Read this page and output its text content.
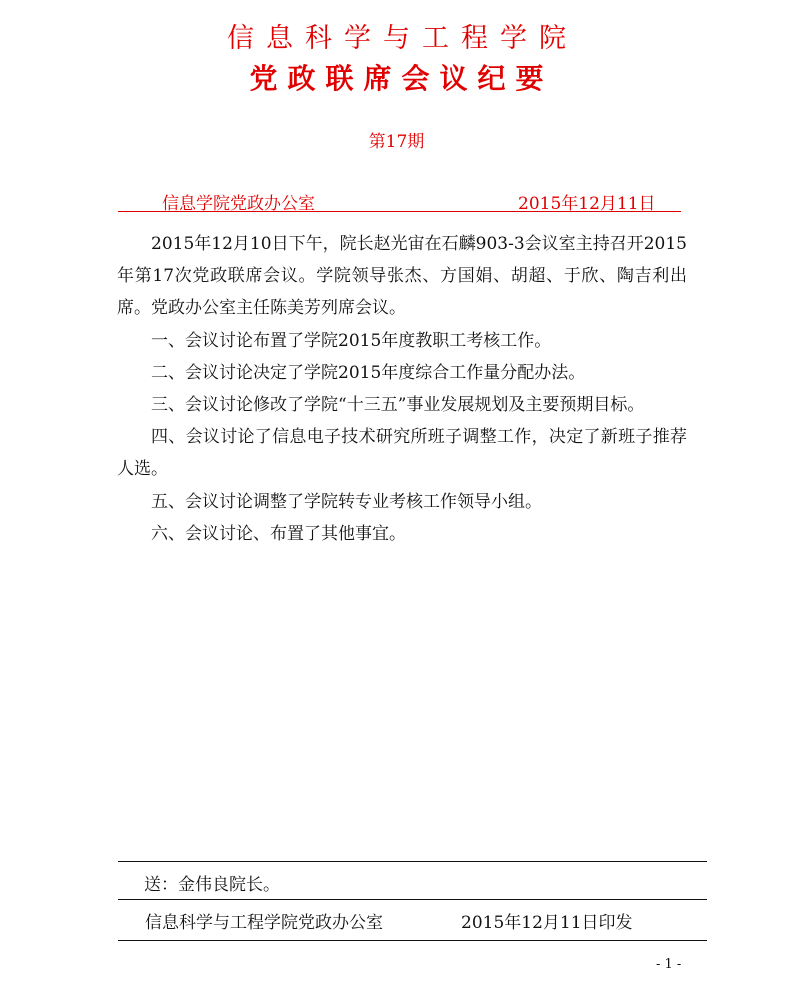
信息科学与工程学院
党政联席会议纪要
第17期
信息学院党政办公室	2015年12月11日

2015年12月10日下午，院长赵光宙在石麟903-3会议室主持召开2015年第17次党政联席会议。学院领导张杰、方国娟、胡超、于欣、陶吉利出席。党政办公室主任陈美芳列席会议。

一、会议讨论布置了学院2015年度教职工考核工作。

二、会议讨论决定了学院2015年度综合工作量分配办法。

三、会议讨论修改了学院“十三五”事业发展规划及主要预期目标。

四、会议讨论了信息电子技术研究所班子调整工作，决定了新班子推荐人选。

五、会议讨论调整了学院转专业考核工作领导小组。

六、会议讨论、布置了其他事宜。

送：金伟良院长。
信息科学与工程学院党政办公室	2015年12月11日印发
- 1 -
